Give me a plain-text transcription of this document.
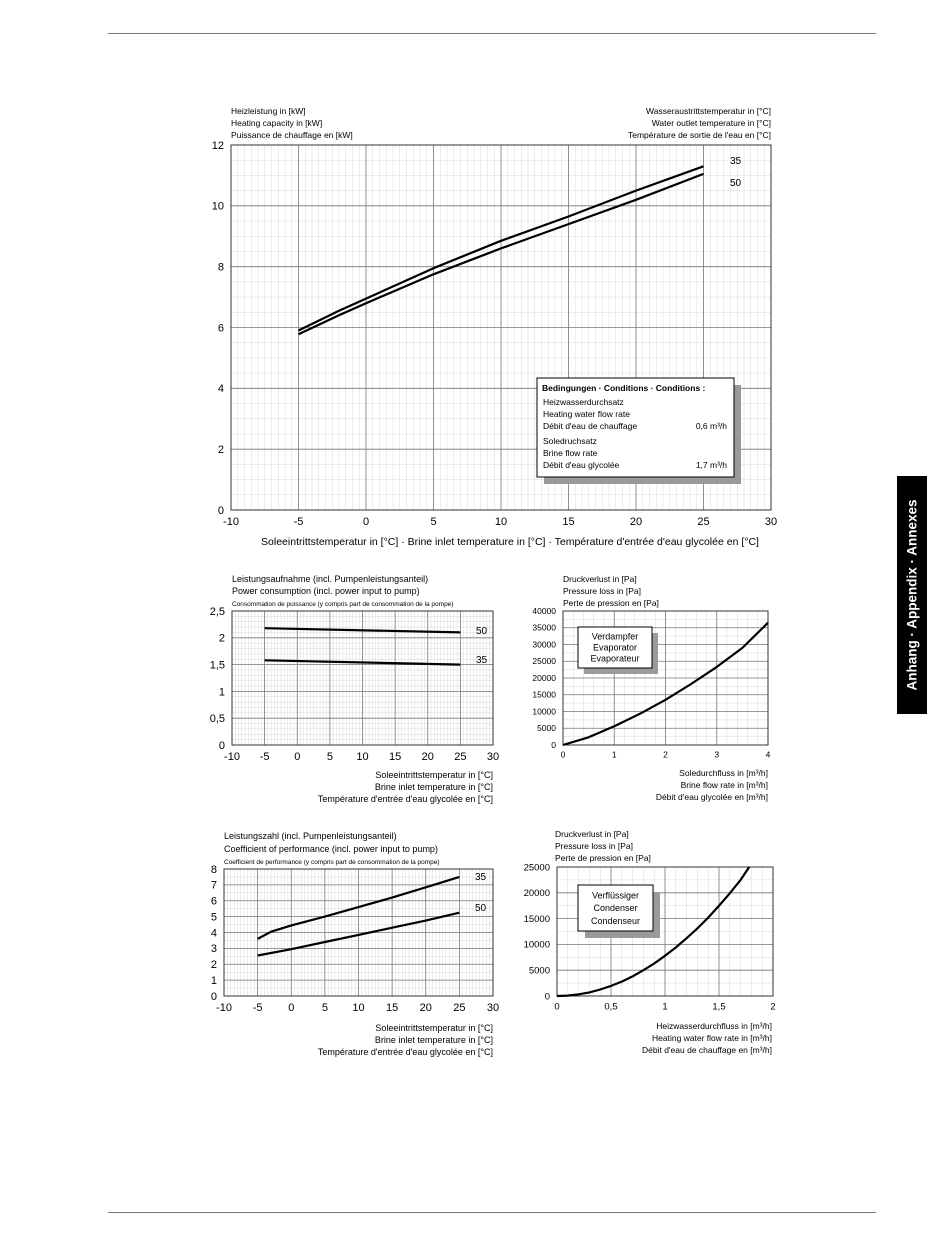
Anhang · Appendix · Annexes
-10	-5	0	5	10	15	20	25	30
0
2
4
6
8
10
12
Heizleistung in [kW]
Heating capacity in [kW]
Puissance de chauffage en [kW]
Wasseraustrittstemperatur in [°C]
Water outlet temperature in [°C]
Température de sortie de l'eau en [°C]
Soleeintrittstemperatur in [°C] · Brine inlet temperature in [°C] · Température d'entrée d'eau glycolée en [°C]
35
50
Bedingungen · Conditions · Conditions :
Heizwasserdurchsatz
Heating water flow rate
Débit d'eau de chauffage	0,6 m³/h
Soledruchsatz
Brine flow rate
Débit d'eau glycolée	1,7 m³/h
-10 -5 0 5 10 15 20 25 30
0
0,5
1
1,5
2
2,5
Leistungsaufnahme (incl. Pumpenleistungsanteil)
Power consumption (incl. power input to pump)
Consommation de puissance (y compris part de consommation de la pompe)
Soleeintrittstemperatur in [°C]
Brine inlet temperature in [°C]
Température d'entrée d'eau glycolée en [°C]
50
35
0	1	2	3	4
0
5000
10000
15000
20000
25000
30000
35000
40000
Druckverlust in [Pa]
Pressure loss in [Pa]
Perte de pression en [Pa]
Soledurchfluss in [m³/h]
Brine flow rate in [m³/h]
Débit d'eau glycolée en [m³/h]
Verdampfer
Evaporator
Evaporateur
-10 -5 0	5 10 15 20 25 30
0
1
2
3
4
5
6
7
8
Leistungszahl (incl. Pumpenleistungsanteil)
Coefficient of performance (incl. power input to pump)
Coefficient de performance (y compris part de consommation de la pompe)
Soleeintrittstemperatur in [°C]
Brine inlet temperature in [°C]
Température d'entrée d'eau glycolée en [°C]
35
50
0	0,5	1	1,5	2
0
5000
10000
15000
20000
25000
Druckverlust in [Pa]
Pressure loss in [Pa]
Perte de pression en [Pa]
Heizwasserdurchfluss in [m³/h]
Heating water flow rate in [m³/h]
Débit d'eau de chauffage en [m³/h]
Verflüssiger
Condenser
Condenseur
